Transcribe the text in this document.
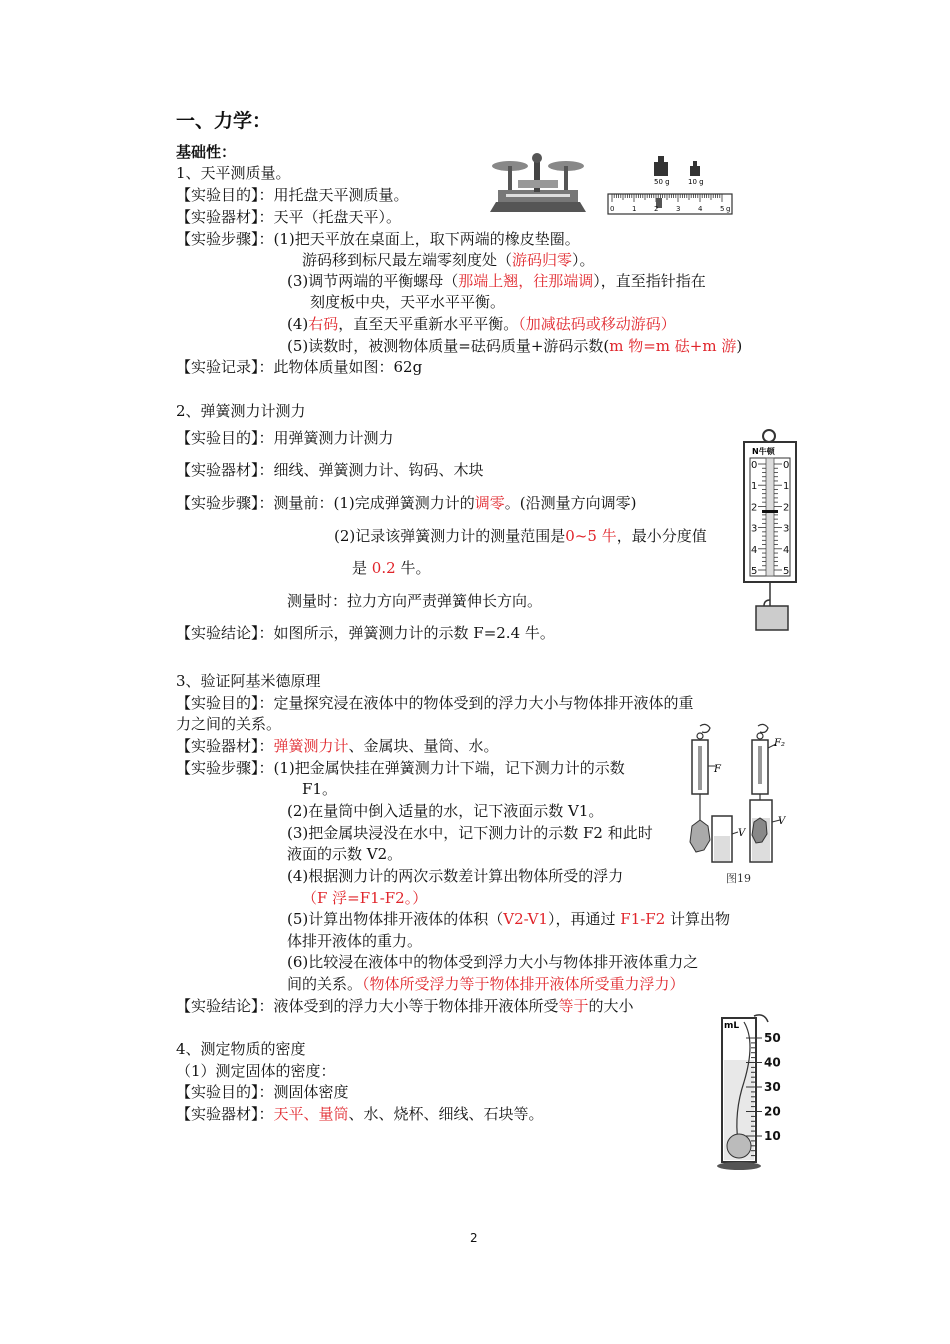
一、力学：
基础性：
1、天平测质量。
【实验目的】：用托盘天平测质量。
【实验器材】：天平（托盘天平）。
【实验步骤】：(1)把天平放在桌面上，取下两端的橡皮垫圈。
游码移到标尺最左端零刻度处（游码归零）。
(3)调节两端的平衡螺母（那端上翘，往那端调），直至指针指在
刻度板中央，天平水平平衡。
(4)右码，直至天平重新水平平衡。（加减砝码或移动游码）
(5)读数时，被测物体质量=砝码质量+游码示数(m 物=m 砝+m 游)
【实验记录】：此物体质量如图：62g
50 g	10 g
0	1	2	3	4	5 g
2、弹簧测力计测力
【实验目的】：用弹簧测力计测力
【实验器材】：细线、弹簧测力计、钩码、木块
【实验步骤】：测量前：(1)完成弹簧测力计的调零。(沿测量方向调零)
(2)记录该弹簧测力计的测量范围是0~5 牛，最小分度值
是 0.2 牛。
测量时：拉力方向严责弹簧伸长方向。
【实验结论】：如图所示，弹簧测力计的示数 F=2.4 牛。
N牛顿
0	0
1	1
2	2
3	3
4	4
5	5
3、验证阿基米德原理
【实验目的】：定量探究浸在液体中的物体受到的浮力大小与物体排开液体的重
力之间的关系。
【实验器材】：弹簧测力计、金属块、量筒、水。
【实验步骤】：(1)把金属快挂在弹簧测力计下端，记下测力计的示数
F1。
(2)在量筒中倒入适量的水，记下液面示数 V1。
(3)把金属块浸没在水中，记下测力计的示数 F2 和此时
液面的示数 V2。
(4)根据测力计的两次示数差计算出物体所受的浮力
（F 浮=F1-F2。）
(5)计算出物体排开液体的体积（V2-V1），再通过 F1-F2 计算出物
体排开液体的重力。
(6)比较浸在液体中的物体受到浮力大小与物体排开液体重力之
间的关系。（物体所受浮力等于物体排开液体所受重力浮力）
【实验结论】：液体受到的浮力大小等于物体排开液体所受等于的大小
F
V
F₂
V
图19
4、测定物质的密度
（1）测定固体的密度：
【实验目的】：测固体密度
【实验器材】：天平、量筒、水、烧杯、细线、石块等。
mL
50
40
30
20
10
2
